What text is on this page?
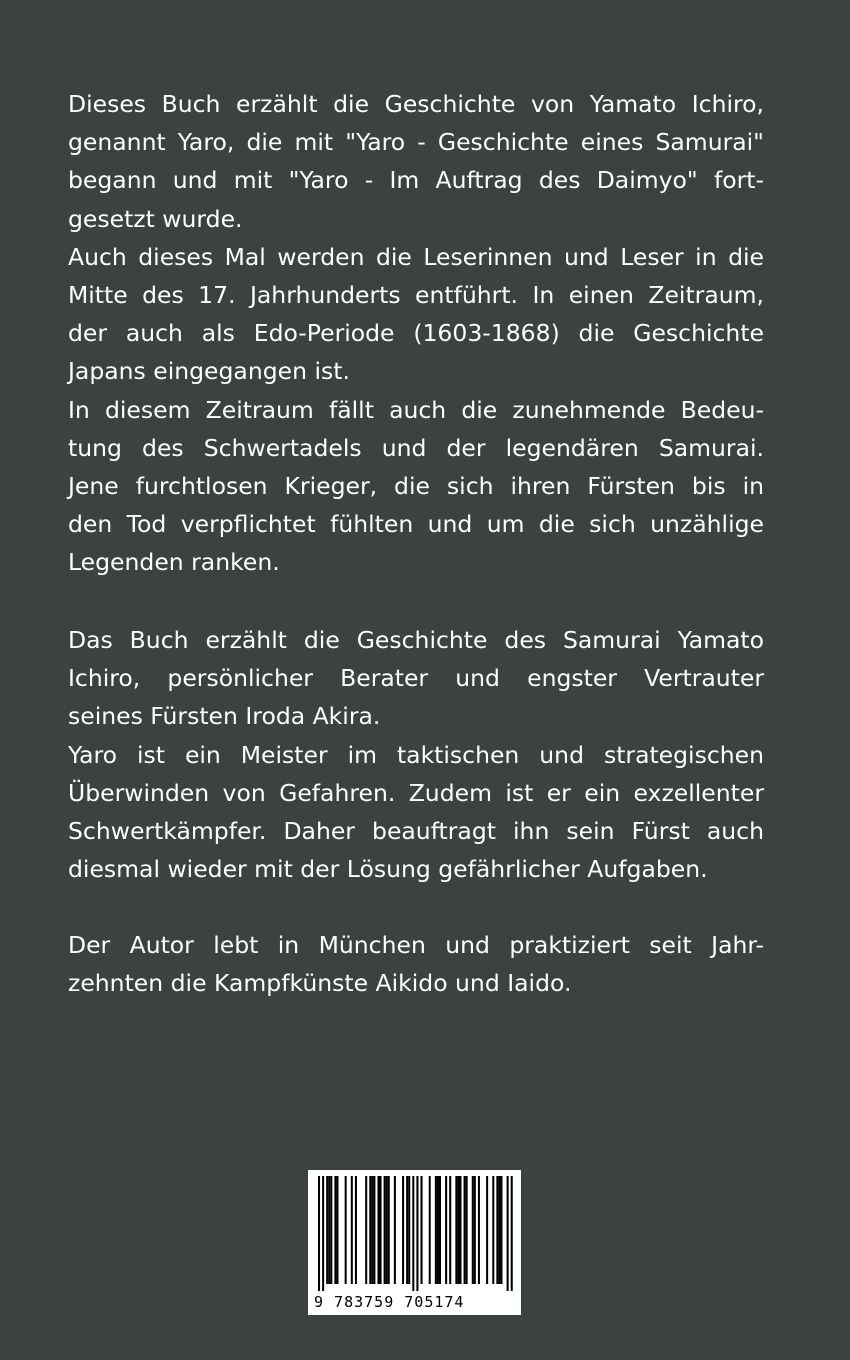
Dieses Buch erzählt die Geschichte von Yamato Ichiro,
genannt Yaro, die mit "Yaro - Geschichte eines Samurai"
begann und mit "Yaro - Im Auftrag des Daimyo" fort-
gesetzt wurde.
Auch dieses Mal werden die Leserinnen und Leser in die
Mitte des 17. Jahrhunderts entführt. In einen Zeitraum,
der auch als Edo-Periode (1603-1868) die Geschichte
Japans eingegangen ist.
In diesem Zeitraum fällt auch die zunehmende Bedeu-
tung des Schwertadels und der legendären Samurai.
Jene furchtlosen Krieger, die sich ihren Fürsten bis in
den Tod verpflichtet fühlten und um die sich unzählige
Legenden ranken.
Das Buch erzählt die Geschichte des Samurai Yamato
Ichiro, persönlicher Berater und engster Vertrauter
seines Fürsten Iroda Akira.
Yaro ist ein Meister im taktischen und strategischen
Überwinden von Gefahren. Zudem ist er ein exzellenter
Schwertkämpfer. Daher beauftragt ihn sein Fürst auch
diesmal wieder mit der Lösung gefährlicher Aufgaben.
Der Autor lebt in München und praktiziert seit Jahr-
zehnten die Kampfkünste Aikido und Iaido.
9 783759 705174
